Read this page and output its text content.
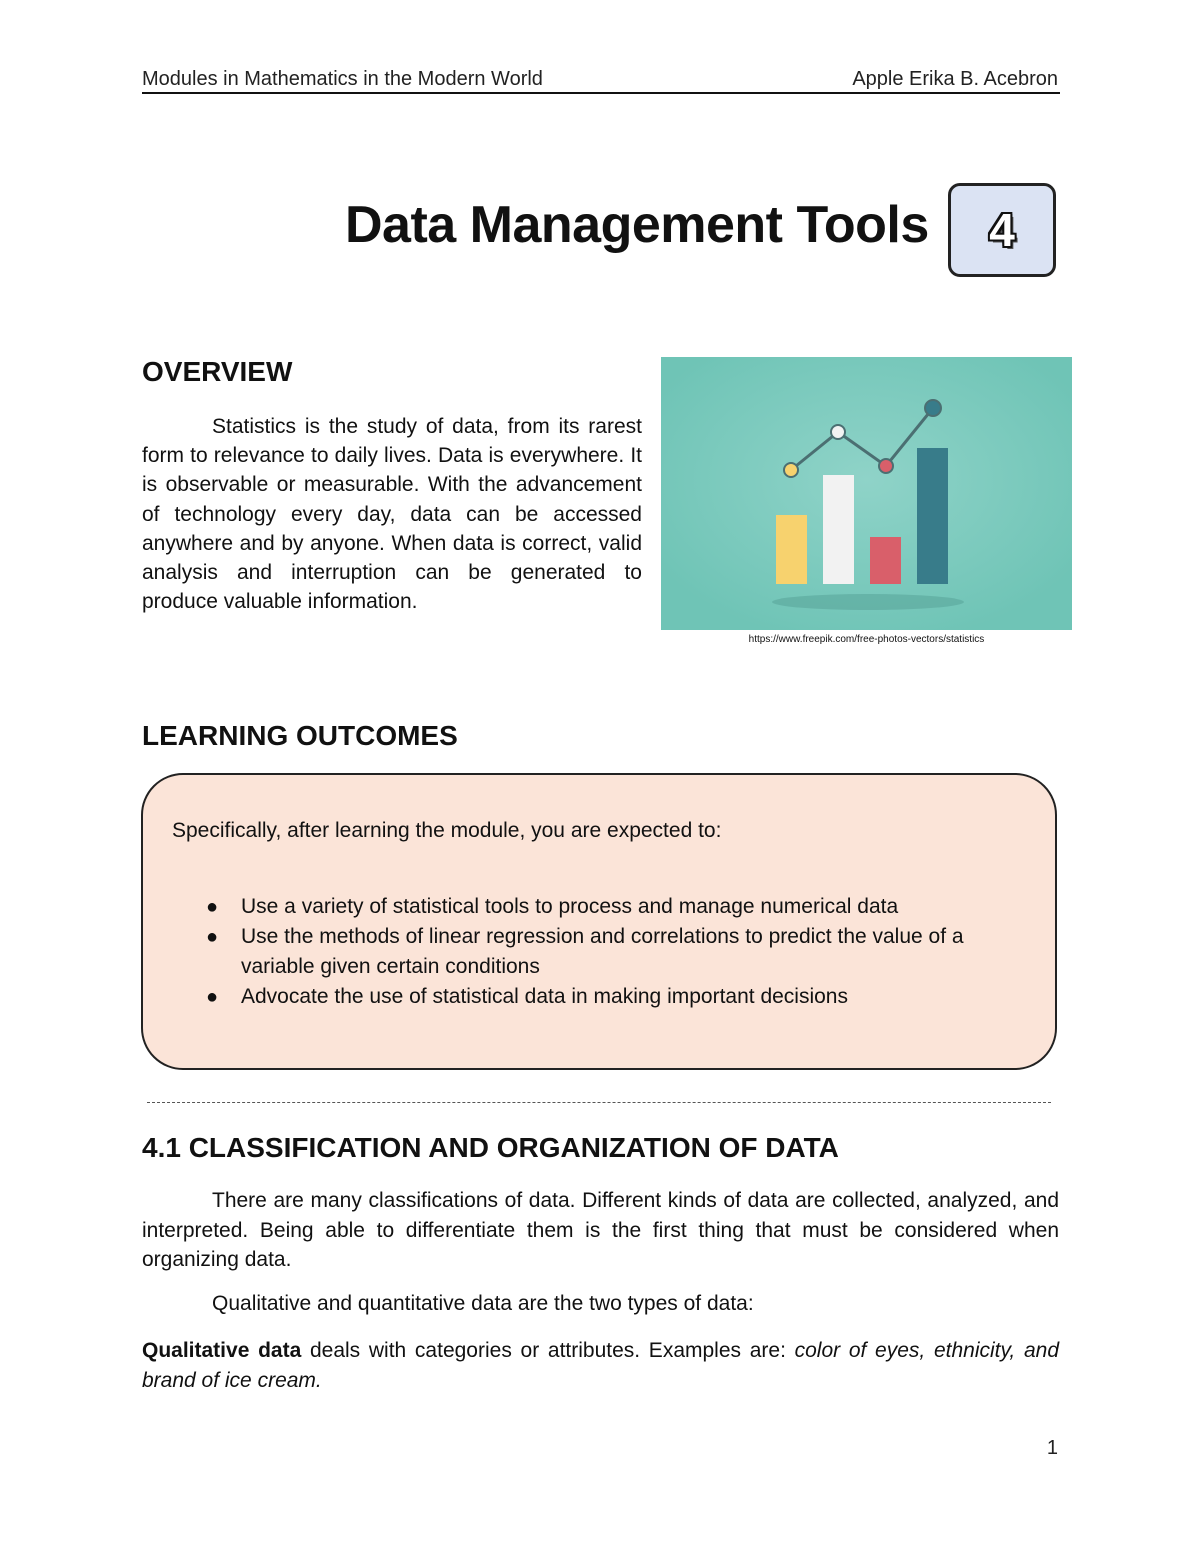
Modules in Mathematics in the Modern World	Apple Erika B. Acebron
Data Management Tools 4
OVERVIEW
Statistics is the study of data, from its rarest form to relevance to daily lives. Data is everywhere. It is observable or measurable. With the advancement of technology every day, data can be accessed anywhere and by anyone. When data is correct, valid analysis and interruption can be generated to produce valuable information.
https://www.freepik.com/free-photos-vectors/statistics
LEARNING OUTCOMES
Specifically, after learning the module, you are expected to:
● Use a variety of statistical tools to process and manage numerical data
● Use the methods of linear regression and correlations to predict the value of a variable given certain conditions
● Advocate the use of statistical data in making important decisions
4.1 CLASSIFICATION AND ORGANIZATION OF DATA
There are many classifications of data. Different kinds of data are collected, analyzed, and interpreted. Being able to differentiate them is the first thing that must be considered when organizing data.
Qualitative and quantitative data are the two types of data:
Qualitative data deals with categories or attributes. Examples are: color of eyes, ethnicity, and brand of ice cream.
1
